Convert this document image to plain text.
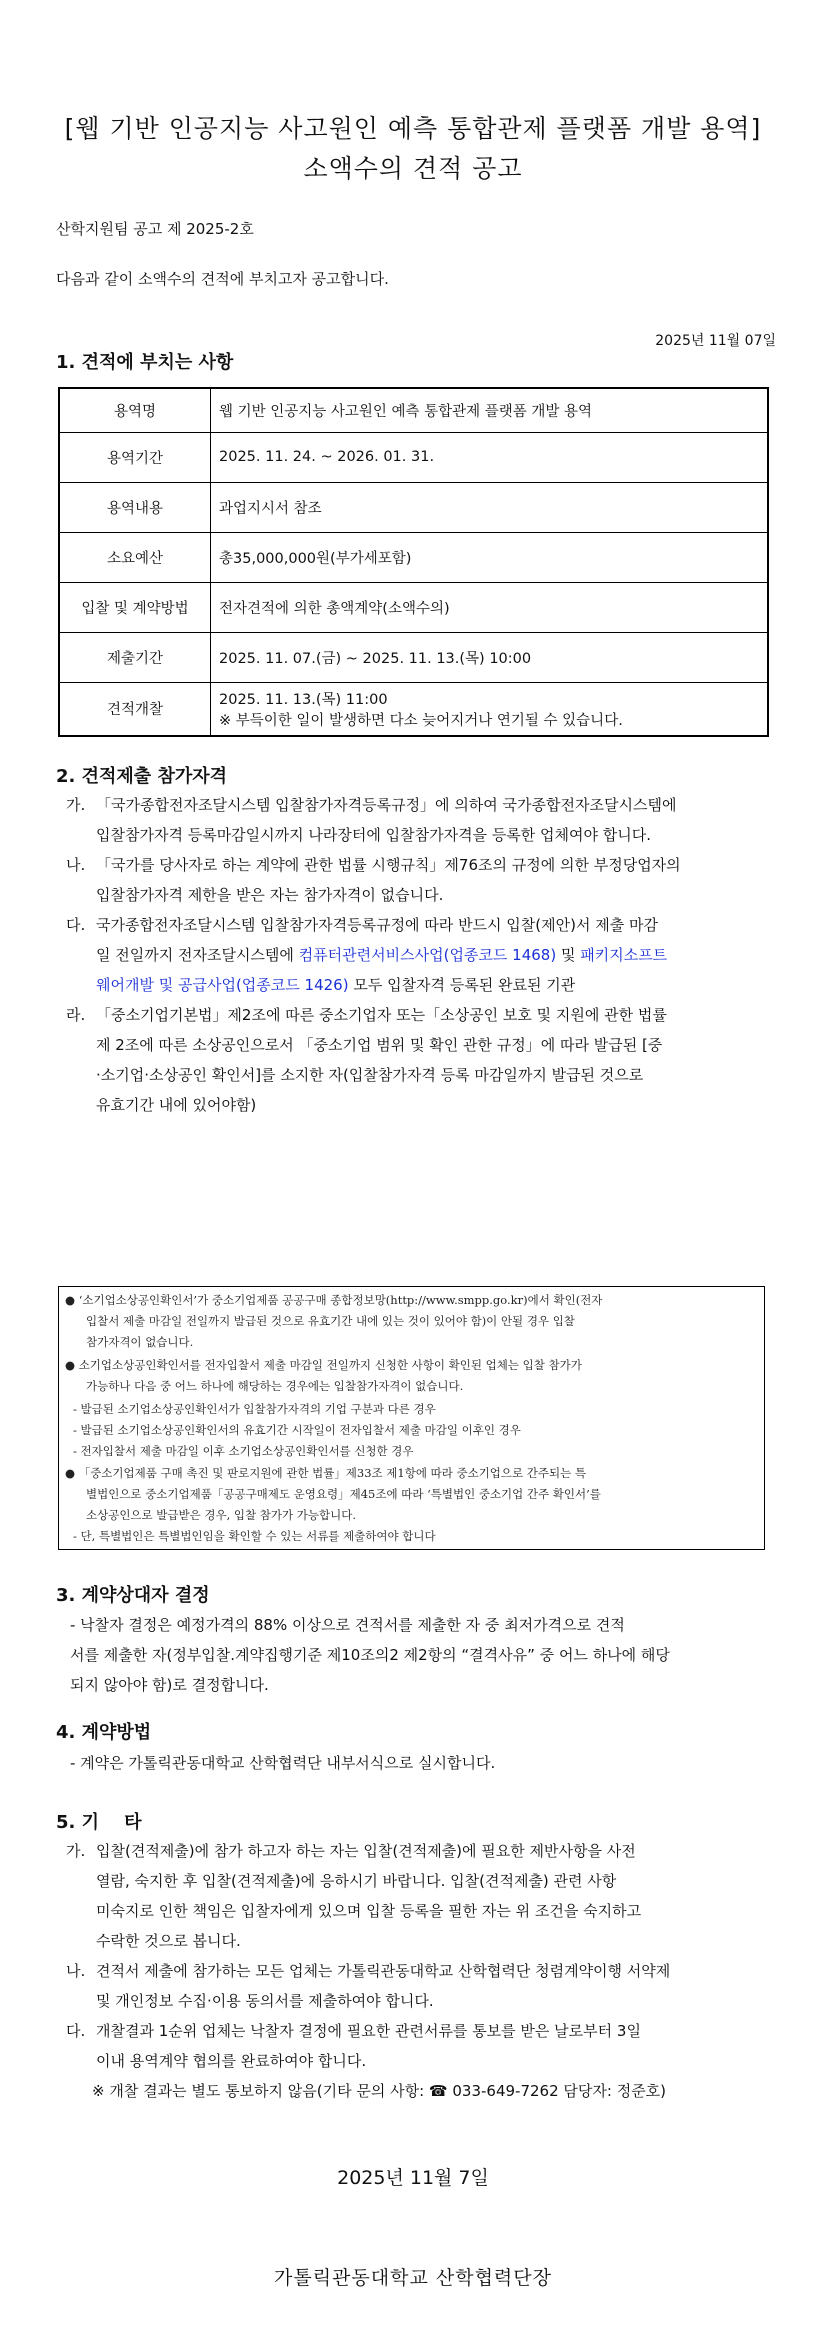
[웹 기반 인공지능 사고원인 예측 통합관제 플랫폼 개발 용역]
소액수의 견적 공고
산학지원팀 공고 제 2025-2호
다음과 같이 소액수의 견적에 부치고자 공고합니다.
2025년 11월 07일
1. 견적에 부치는 사항
용역명	웹 기반 인공지능 사고원인 예측 통합관제 플랫폼 개발 용역
용역기간	2025. 11. 24. ~ 2026. 01. 31.
용역내용	과업지시서 참조
소요예산	총35,000,000원(부가세포함)
입찰 및 계약방법	전자견적에 의한 총액계약(소액수의)
제출기간	2025. 11. 07.(금) ~ 2025. 11. 13.(목) 10:00
견적개찰	2025. 11. 13.(목) 11:00
※ 부득이한 일이 발생하면 다소 늦어지거나 연기될 수 있습니다.
2. 견적제출 참가자격
가. 「국가종합전자조달시스템 입찰참가자격등록규정」에 의하여 국가종합전자조달시스템에
입찰참가자격 등록마감일시까지 나라장터에 입찰참가자격을 등록한 업체여야 합니다.
나. 「국가를 당사자로 하는 계약에 관한 법률 시행규칙」제76조의 규정에 의한 부정당업자의
입찰참가자격 제한을 받은 자는 참가자격이 없습니다.
다. 국가종합전자조달시스템 입찰참가자격등록규정에 따라 반드시 입찰(제안)서 제출 마감
일 전일까지 전자조달시스템에 컴퓨터관련서비스사업(업종코드 1468) 및 패키지소프트
웨어개발 및 공급사업(업종코드 1426) 모두 입찰자격 등록된 완료된 기관
라. 「중소기업기본법」제2조에 따른 중소기업자 또는「소상공인 보호 및 지원에 관한 법률
제 2조에 따른 소상공인으로서 「중소기업 범위 및 확인 관한 규정」에 따라 발급된 [중
·소기업·소상공인 확인서]를 소지한 자(입찰참가자격 등록 마감일까지 발급된 것으로
유효기간 내에 있어야함)
● ‘소기업소상공인확인서’가 중소기업제품 공공구매 종합정보망(http://www.smpp.go.kr)에서 확인(전자
입찰서 제출 마감일 전일까지 발급된 것으로 유효기간 내에 있는 것이 있어야 함)이 안될 경우 입찰
참가자격이 없습니다.
● 소기업소상공인확인서를 전자입찰서 제출 마감일 전일까지 신청한 사항이 확인된 업체는 입찰 참가가
가능하나 다음 중 어느 하나에 해당하는 경우에는 입찰참가자격이 없습니다.
- 발급된 소기업소상공인확인서가 입찰참가자격의 기업 구분과 다른 경우
- 발급된 소기업소상공인확인서의 유효기간 시작일이 전자입찰서 제출 마감일 이후인 경우
- 전자입찰서 제출 마감일 이후 소기업소상공인확인서를 신청한 경우
● 「중소기업제품 구매 촉진 및 판로지원에 관한 법률」제33조 제1항에 따라 중소기업으로 간주되는 특
별법인으로 중소기업제품「공공구매제도 운영요령」제45조에 따라 ‘특별법인 중소기업 간주 확인서’를
소상공인으로 발급받은 경우, 입찰 참가가 가능합니다.
- 단, 특별법인은 특별법인임을 확인할 수 있는 서류를 제출하여야 합니다
3. 계약상대자 결정
- 낙찰자 결정은 예정가격의 88% 이상으로 견적서를 제출한 자 중 최저가격으로 견적
서를 제출한 자(정부입찰.계약집행기준 제10조의2 제2항의 “결격사유” 중 어느 하나에 해당
되지 않아야 함)로 결정합니다.
4. 계약방법
- 계약은 가톨릭관동대학교 산학협력단 내부서식으로 실시합니다.
5. 기    타
가. 입찰(견적제출)에 참가 하고자 하는 자는 입찰(견적제출)에 필요한 제반사항을 사전
열람, 숙지한 후 입찰(견적제출)에 응하시기 바랍니다. 입찰(견적제출) 관련 사항
미숙지로 인한 책임은 입찰자에게 있으며 입찰 등록을 필한 자는 위 조건을 숙지하고
수락한 것으로 봅니다.
나. 견적서 제출에 참가하는 모든 업체는 가톨릭관동대학교 산학협력단 청렴계약이행 서약제
및 개인정보 수집·이용 동의서를 제출하여야 합니다.
다. 개찰결과 1순위 업체는 낙찰자 결정에 필요한 관련서류를 통보를 받은 날로부터 3일
이내 용역계약 협의를 완료하여야 합니다.
※ 개찰 결과는 별도 통보하지 않음(기타 문의 사항: ☎ 033-649-7262 담당자: 정준호)
2025년 11월 7일
가톨릭관동대학교 산학협력단장
